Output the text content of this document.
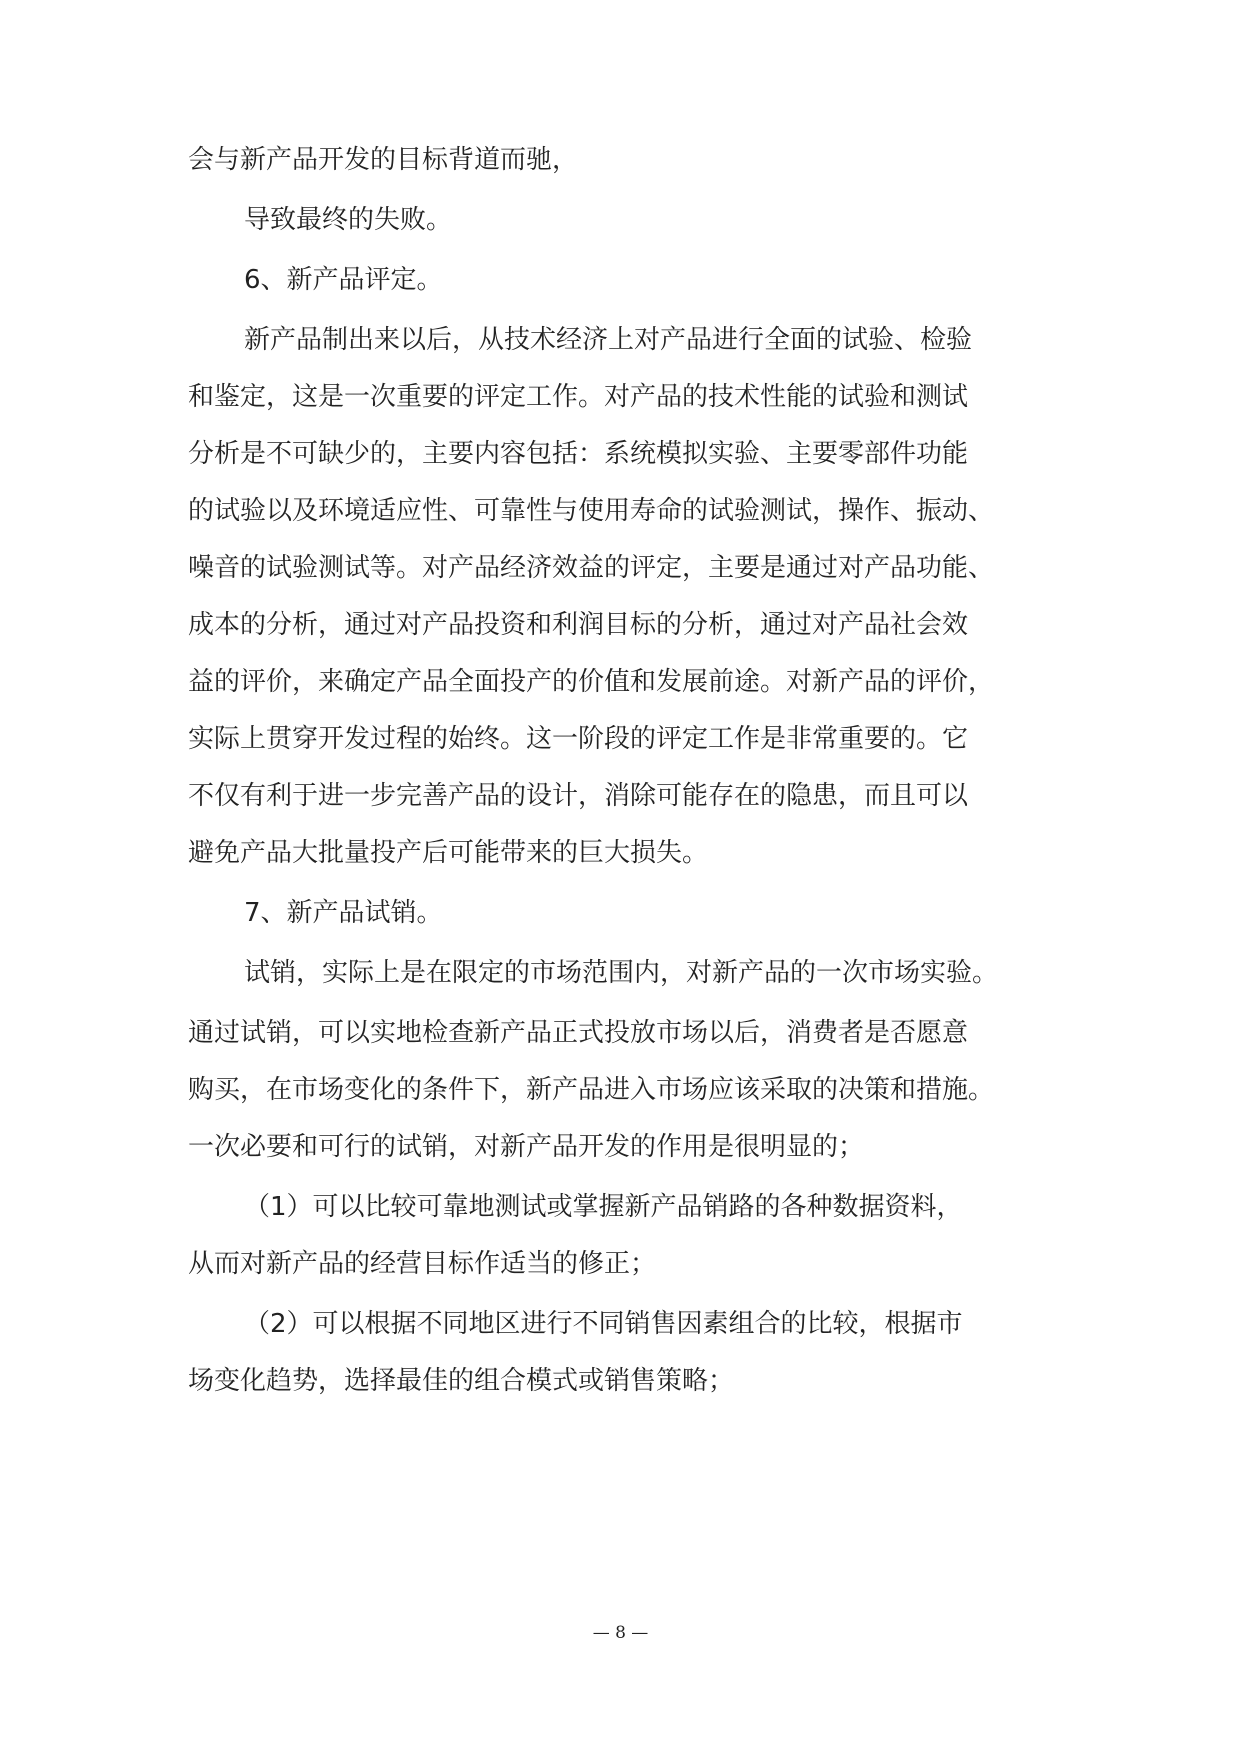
会与新产品开发的目标背道而驰，
导致最终的失败。
6、新产品评定。
新产品制出来以后，从技术经济上对产品进行全面的试验、检验
和鉴定，这是一次重要的评定工作。对产品的技术性能的试验和测试
分析是不可缺少的，主要内容包括：系统模拟实验、主要零部件功能
的试验以及环境适应性、可靠性与使用寿命的试验测试，操作、振动、
噪音的试验测试等。对产品经济效益的评定，主要是通过对产品功能、
成本的分析，通过对产品投资和利润目标的分析，通过对产品社会效
益的评价，来确定产品全面投产的价值和发展前途。对新产品的评价，
实际上贯穿开发过程的始终。这一阶段的评定工作是非常重要的。它
不仅有利于进一步完善产品的设计，消除可能存在的隐患，而且可以
避免产品大批量投产后可能带来的巨大损失。
7、新产品试销。
试销，实际上是在限定的市场范围内，对新产品的一次市场实验。
通过试销，可以实地检查新产品正式投放市场以后，消费者是否愿意
购买，在市场变化的条件下，新产品进入市场应该采取的决策和措施。
一次必要和可行的试销，对新产品开发的作用是很明显的；
（1）可以比较可靠地测试或掌握新产品销路的各种数据资料，
从而对新产品的经营目标作适当的修正；
（2）可以根据不同地区进行不同销售因素组合的比较，根据市
场变化趋势，选择最佳的组合模式或销售策略；
— 8 —
